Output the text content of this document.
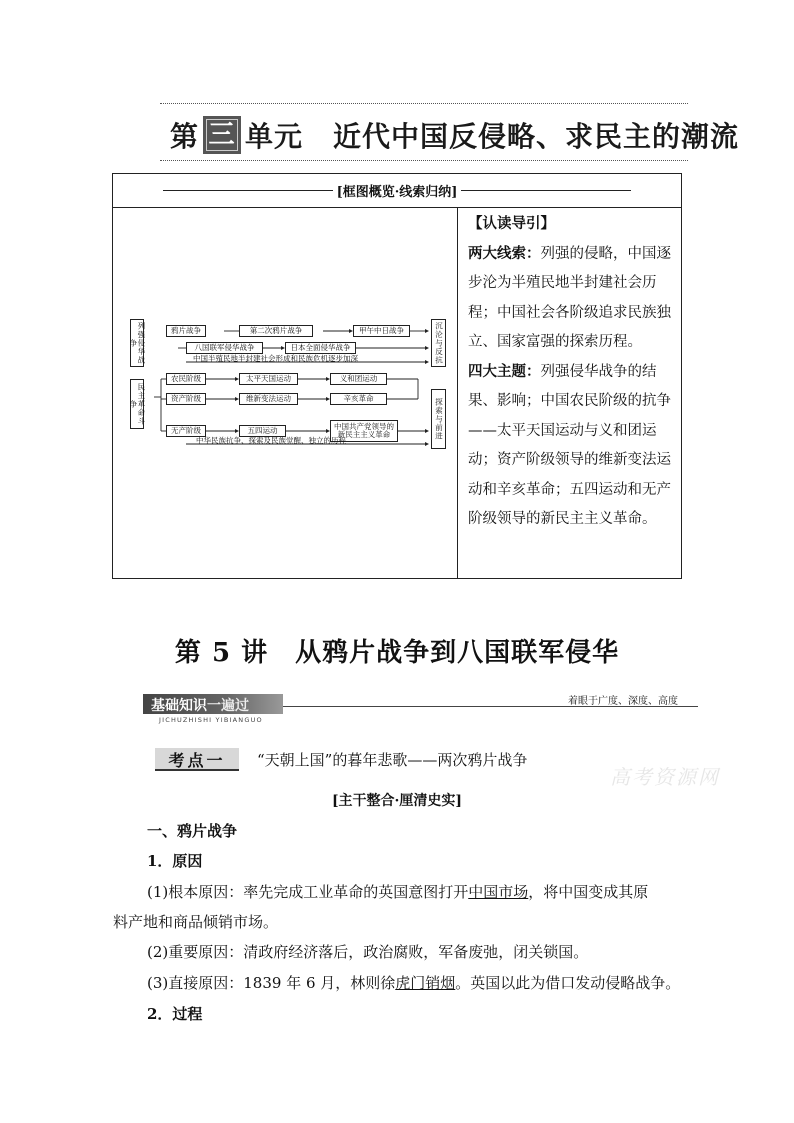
第 三 单元 近代中国反侵略、求民主的潮流
[框图概览·线索归纳]
列强侵华战争
民主革命斗争
沉沦与反抗
探索与前进
鸦片战争	第二次鸦片战争	甲午中日战争
八国联军侵华战争	日本全面侵华战争
中国半殖民地半封建社会形成和民族危机逐步加深
农民阶级
资产阶级
无产阶级
太平天国运动	义和团运动
维新变法运动	辛亥革命
五四运动	中国共产党领导的新民主主义革命
中华民族抗争、探索及民族觉醒、独立的历程
【认读导引】
两大线索：列强的侵略，中国逐步沦为半殖民地半封建社会历程；中国社会各阶级追求民族独立、国家富强的探索历程。
四大主题：列强侵华战争的结果、影响；中国农民阶级的抗争——太平天国运动与义和团运动；资产阶级领导的维新变法运动和辛亥革命；五四运动和无产阶级领导的新民主主义革命。
第 5 讲　从鸦片战争到八国联军侵华
基础知识一遍过
JICHUZHISHI YIBIANGUO
着眼于广度、深度、高度
考点一	“天朝上国”的暮年悲歌——两次鸦片战争
高考资源网
[主干整合·厘清史实]
一、鸦片战争
1．原因
(1)根本原因：率先完成工业革命的英国意图打开中国市场，将中国变成其原
料产地和商品倾销市场。
(2)重要原因：清政府经济落后，政治腐败，军备废弛，闭关锁国。
(3)直接原因：1839 年 6 月，林则徐虎门销烟。英国以此为借口发动侵略战争。
2．过程
